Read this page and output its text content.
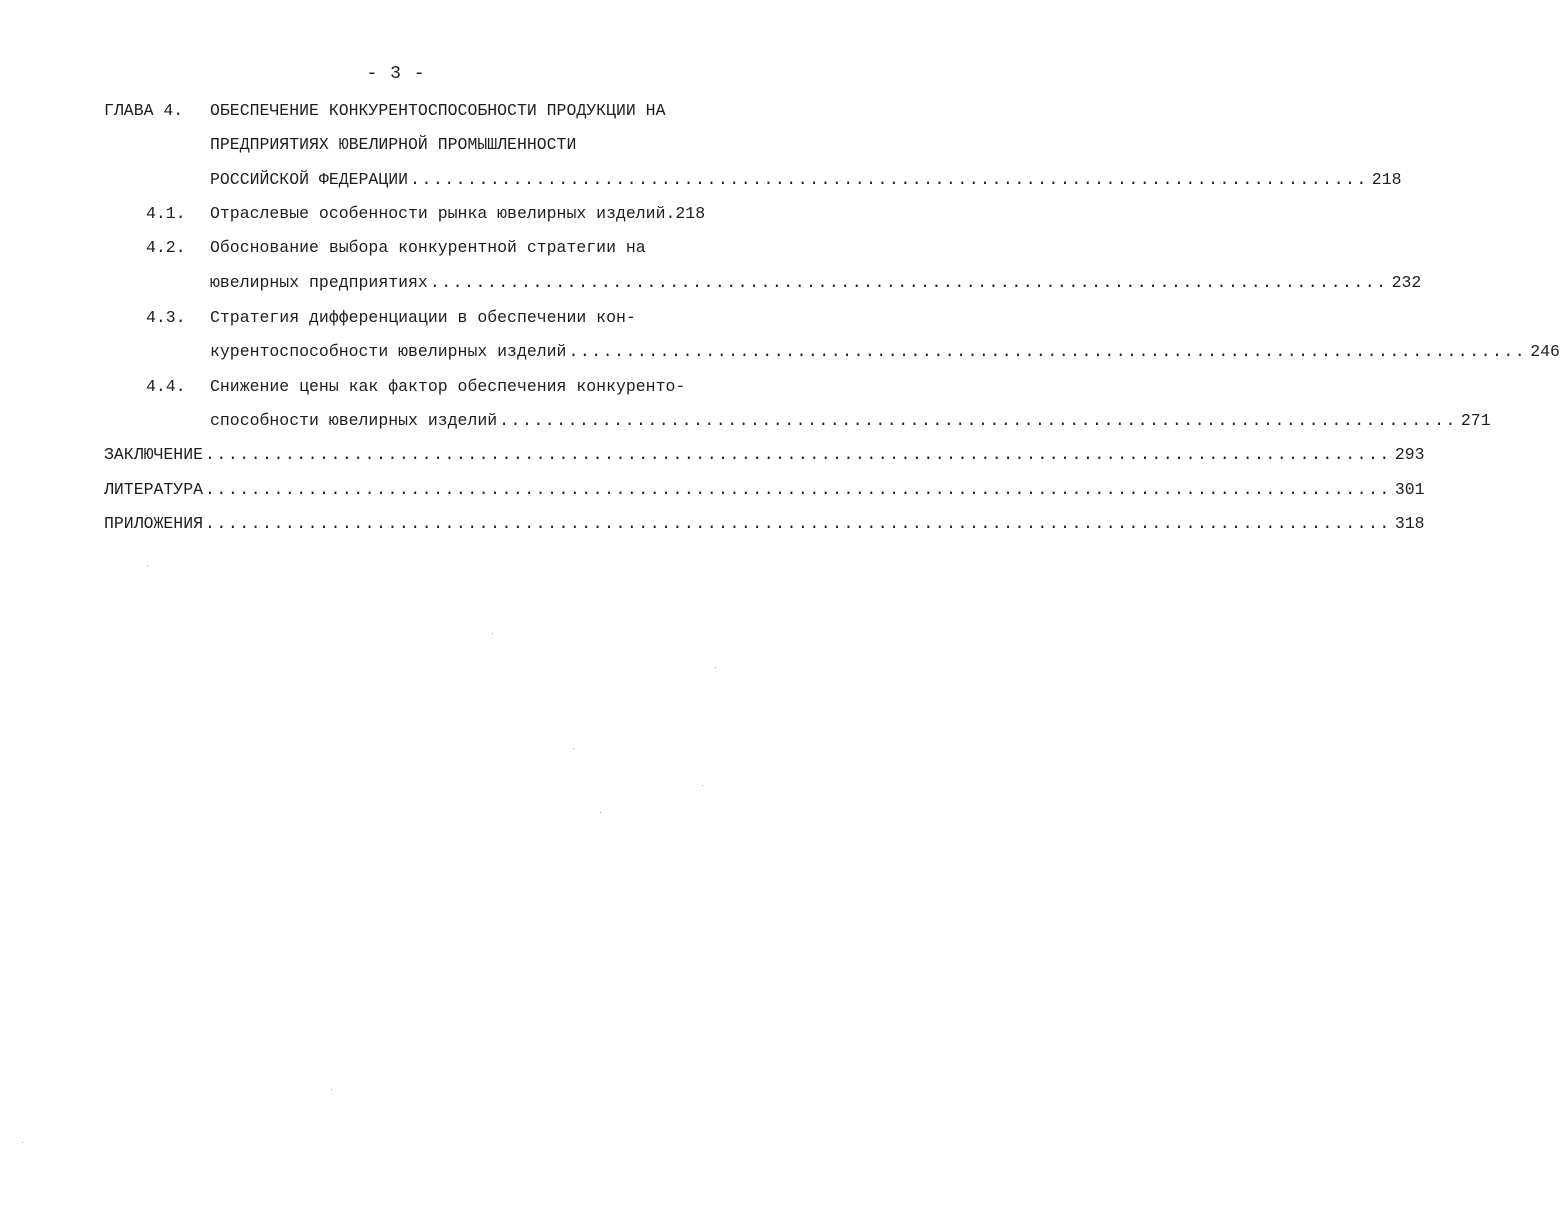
- 3 -
ГЛАВА 4. ОБЕСПЕЧЕНИЕ КОНКУРЕНТОСПОСОБНОСТИ ПРОДУКЦИИ НА
ПРЕДПРИЯТИЯХ ЮВЕЛИРНОЙ ПРОМЫШЛЕННОСТИ
РОССИЙСКОЙ ФЕДЕРАЦИИ .................................................................................... 218
4.1. Отраслевые особенности рынка ювелирных изделий.218
4.2. Обоснование выбора конкурентной стратегии на
ювелирных предприятиях .................................................................................... 232
4.3. Стратегия дифференциации в обеспечении кон-
курентоспособности ювелирных изделий .................................................................................... 246
4.4. Снижение цены как фактор обеспечения конкуренто-
способности ювелирных изделий .................................................................................... 271
ЗАКЛЮЧЕНИЕ ........................................................................................................ 293
ЛИТЕРАТУРА ........................................................................................................ 301
ПРИЛОЖЕНИЯ ........................................................................................................ 318
